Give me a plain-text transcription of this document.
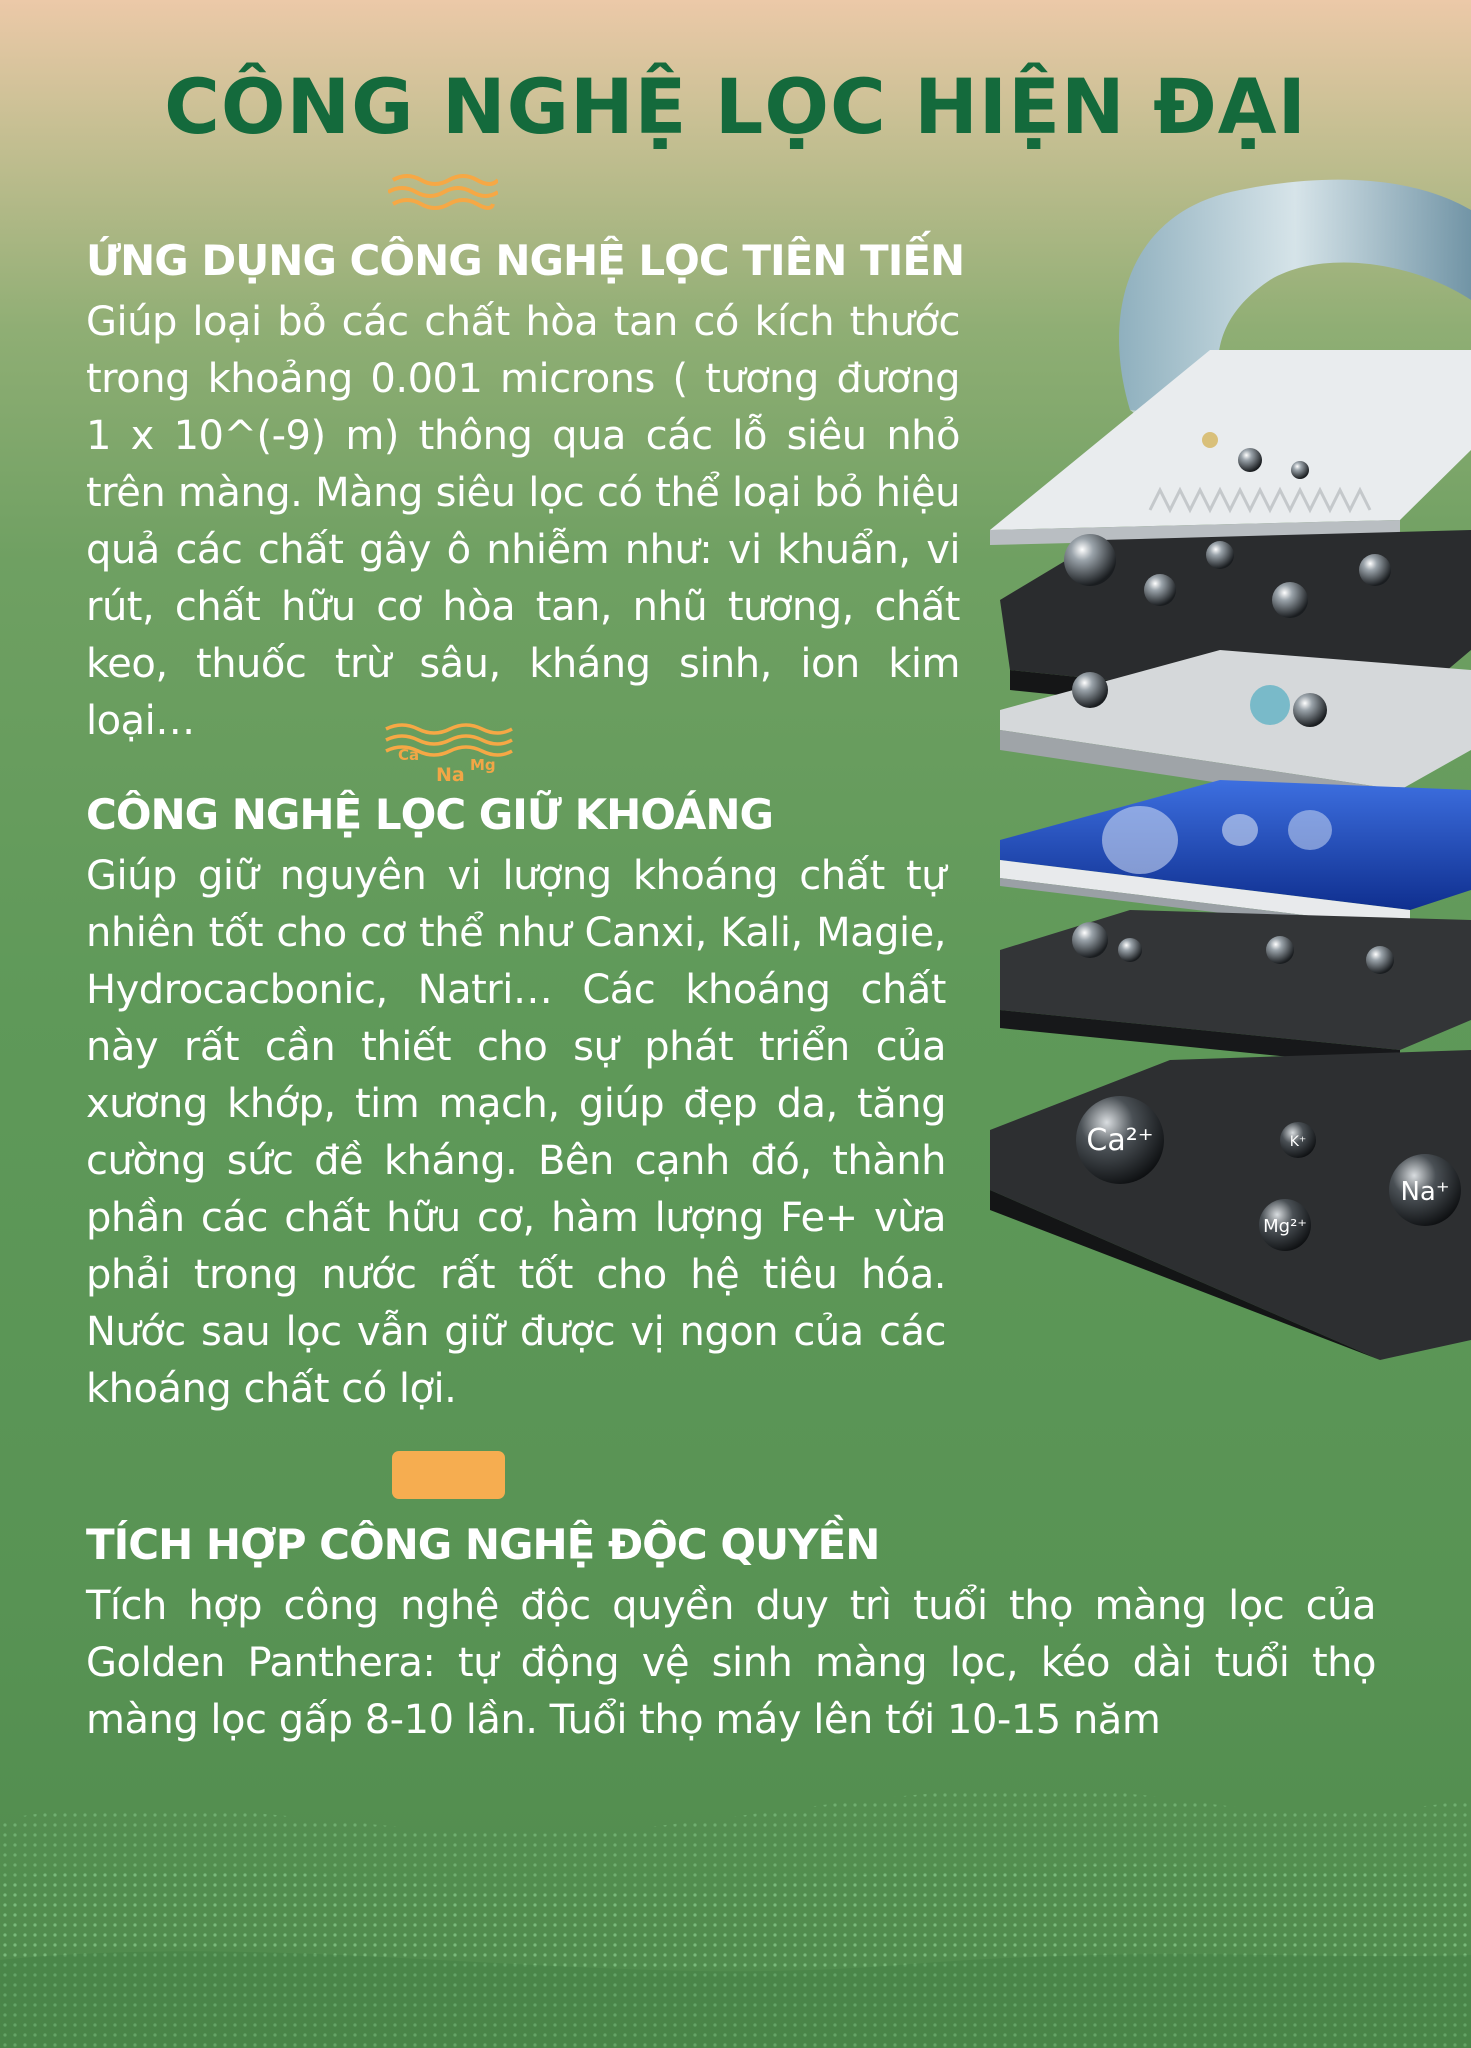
CÔNG NGHỆ LỌC HIỆN ĐẠI
ỨNG DỤNG CÔNG NGHỆ LỌC TIÊN TIẾN

Giúp loại bỏ các chất hòa tan có kích thước trong khoảng 0.001 microns ( tương đương 1 x 10^(-9) m) thông qua các lỗ siêu nhỏ trên màng. Màng siêu lọc có thể loại bỏ hiệu quả các chất gây ô nhiễm như: vi khuẩn, vi rút, chất hữu cơ hòa tan, nhũ tương, chất keo, thuốc trừ sâu, kháng sinh, ion kim loại…

Ca
Na Mg
CÔNG NGHỆ LỌC GIỮ KHOÁNG

Giúp giữ nguyên vi lượng khoáng chất tự nhiên tốt cho cơ thể như Canxi, Kali, Magie, Hydrocacbonic, Natri… Các khoáng chất này rất cần thiết cho sự phát triển của xương khớp, tim mạch, giúp đẹp da, tăng cường sức đề kháng. Bên cạnh đó, thành phần các chất hữu cơ, hàm lượng Fe+ vừa phải trong nước rất tốt cho hệ tiêu hóa. Nước sau lọc vẫn giữ được vị ngon của các khoáng chất có lợi.

TÍCH HỢP CÔNG NGHỆ ĐỘC QUYỀN

Tích hợp công nghệ độc quyền duy trì tuổi thọ màng lọc của Golden Panthera: tự động vệ sinh màng lọc, kéo dài tuổi thọ màng lọc gấp 8-10 lần. Tuổi thọ máy lên tới 10-15 năm

Ca²⁺	K⁺
Mg²⁺
Na⁺
